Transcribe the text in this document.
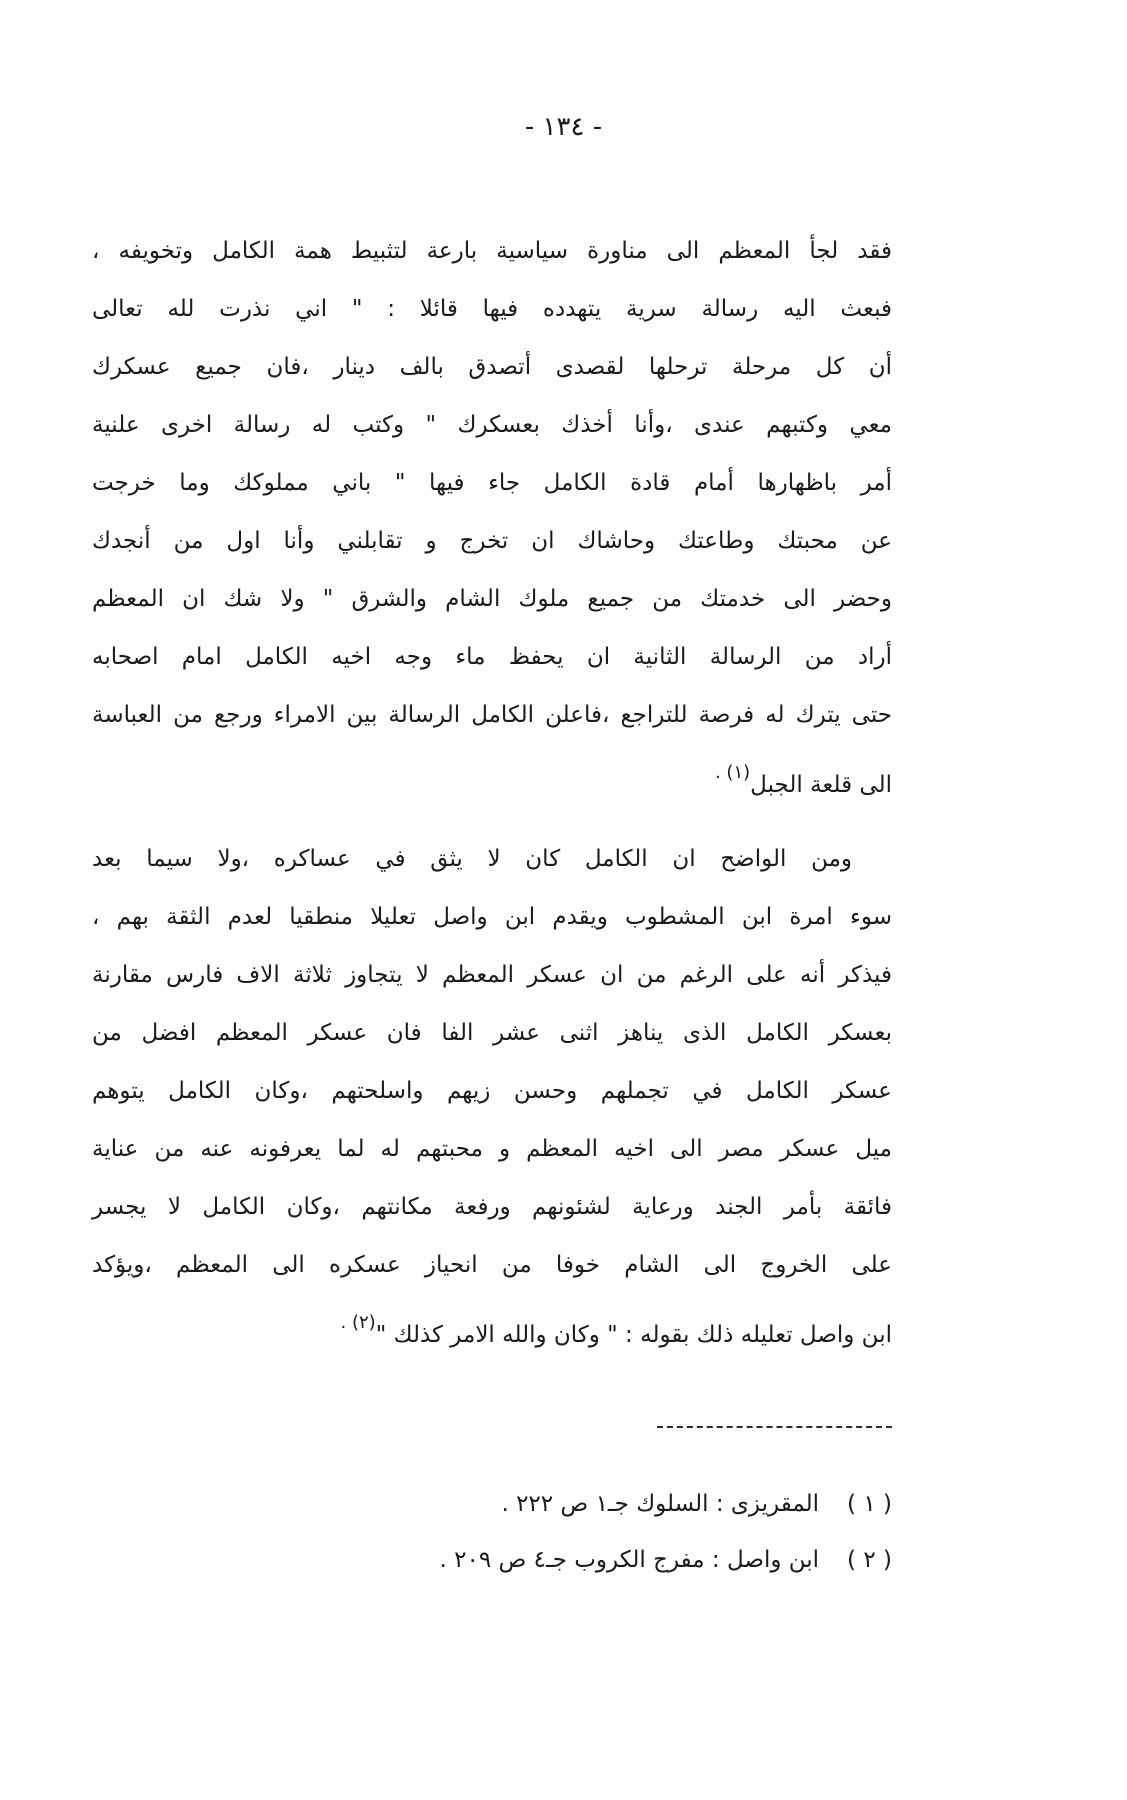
- ١٣٤ -
فقد لجأ المعظم الى مناورة سياسية بارعة لتثبيط همة الكامل وتخويفه ،
فبعث اليه رسالة سرية يتهدده فيها قائلا : " اني نذرت لله تعالى
أن كل مرحلة ترحلها لقصدى أتصدق بالف دينار ،فان جميع عسكرك
معي وكتبهم عندى ،وأنا أخذك بعسكرك " وكتب له رسالة اخرى علنية
أمر باظهارها أمام قادة الكامل جاء فيها " باني مملوكك وما خرجت
عن محبتك وطاعتك وحاشاك ان تخرج و تقابلني وأنا اول من أنجدك
وحضر الى خدمتك من جميع ملوك الشام والشرق " ولا شك ان المعظم
أراد من الرسالة الثانية ان يحفظ ماء وجه اخيه الكامل امام اصحابه
حتى يترك له فرصة للتراجع ،فاعلن الكامل الرسالة بين الامراء ورجع من العباسة
الى قلعة الجبل$^{(١) .}$
ومن الواضح ان الكامل كان لا يثق في عساكره ،ولا سيما بعد
سوء امرة ابن المشطوب ويقدم ابن واصل تعليلا منطقيا لعدم الثقة بهم ،
فيذكر أنه على الرغم من ان عسكر المعظم لا يتجاوز ثلاثة الاف فارس مقارنة
بعسكر الكامل الذى يناهز اثنى عشر الفا فان عسكر المعظم افضل من
عسكر الكامل في تجملهم وحسن زيهم واسلحتهم ،وكان الكامل يتوهم
ميل عسكر مصر الى اخيه المعظم و محبتهم له لما يعرفونه عنه من عناية
فائقة بأمر الجند ورعاية لشئونهم ورفعة مكانتهم ،وكان الكامل لا يجسر
على الخروج الى الشام خوفا من انحياز عسكره الى المعظم ،ويؤكد
ابن واصل تعليله ذلك بقوله : " وكان والله الامر كذلك "$^{(٢) .}$
( ١ )المقريزى : السلوك جـ١ ص ٢٢٢ .
( ٢ )ابن واصل : مفرج الكروب جـ٤ ص ٢٠٩ .
